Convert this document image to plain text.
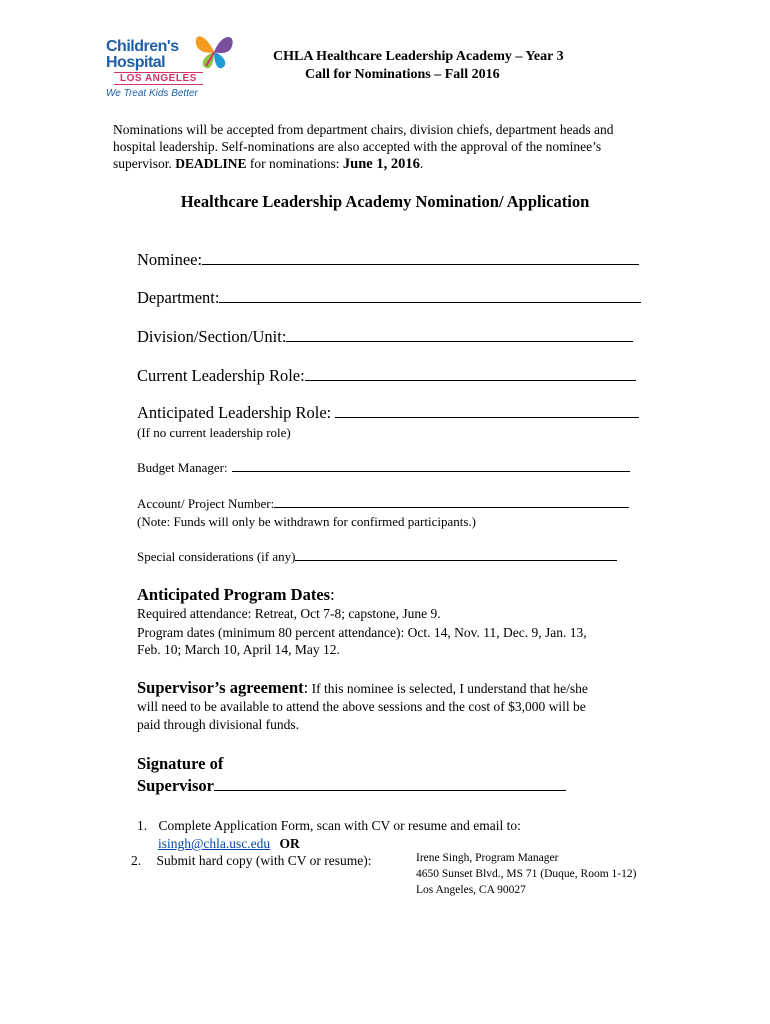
Children's
Hospital
LOS ANGELES
We Treat Kids Better
CHLA Healthcare Leadership Academy – Year 3
Call for Nominations – Fall 2016
Nominations will be accepted from department chairs, division chiefs, department heads and hospital leadership. Self-nominations are also accepted with the approval of the nominee’s supervisor. DEADLINE for nominations: June 1, 2016.
Healthcare Leadership Academy Nomination/ Application
Nominee:
Department:
Division/Section/Unit:
Current Leadership Role:
Anticipated Leadership Role:
(If no current leadership role)
Budget Manager:
Account/ Project Number:
(Note: Funds will only be withdrawn for confirmed participants.)
Special considerations (if any)
Anticipated Program Dates:
Required attendance: Retreat, Oct 7-8; capstone, June 9.
Program dates (minimum 80 percent attendance): Oct. 14, Nov. 11, Dec. 9, Jan. 13,
Feb. 10; March 10, April 14, May 12.
Supervisor’s agreement: If this nominee is selected, I understand that he/she
will need to be available to attend the above sessions and the cost of $3,000 will be
paid through divisional funds.
Signature of
Supervisor
1. Complete Application Form, scan with CV or resume and email to:
isingh@chla.usc.edu OR
2. Submit hard copy (with CV or resume):	Irene Singh, Program Manager
4650 Sunset Blvd., MS 71 (Duque, Room 1-12)
Los Angeles, CA 90027
